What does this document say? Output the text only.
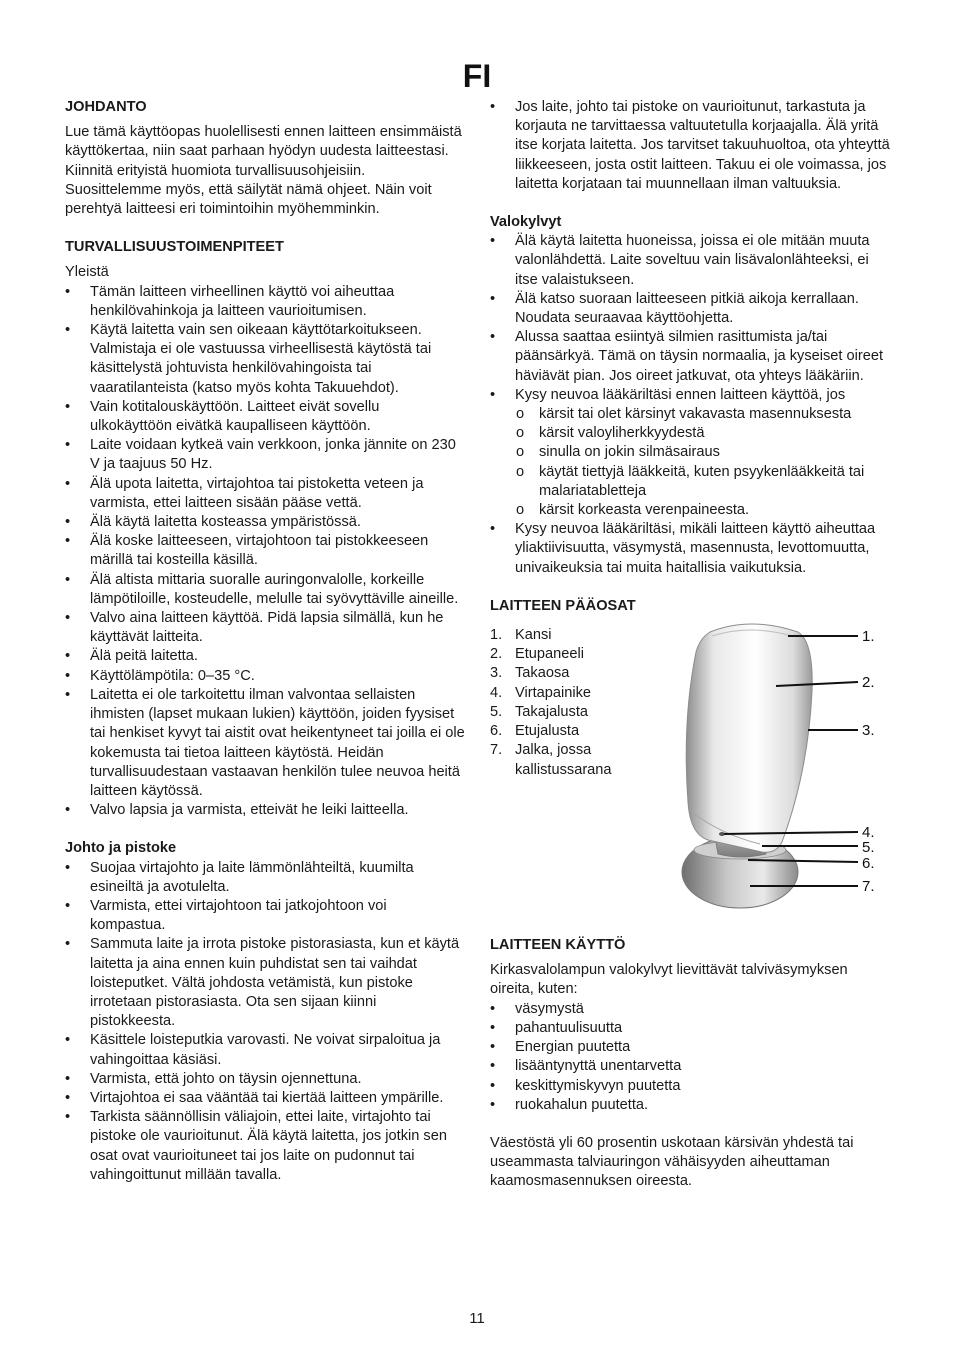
FI
JOHDANTO

Lue tämä käyttöopas huolellisesti ennen laitteen ensimmäistä käyttökertaa, niin saat parhaan hyödyn uudesta laitteestasi. Kiinnitä erityistä huomiota turvallisuusohjeisiin. Suosittelemme myös, että säilytät nämä ohjeet. Näin voit perehtyä laitteesi eri toimintoihin myöhemminkin.

TURVALLISUUSTOIMENPITEET

Yleistä

• Tämän laitteen virheellinen käyttö voi aiheuttaa henkilövahinkoja ja laitteen vaurioitumisen.
• Käytä laitetta vain sen oikeaan käyttötarkoitukseen. Valmistaja ei ole vastuussa virheellisestä käytöstä tai käsittelystä johtuvista henkilövahingoista tai vaaratilanteista (katso myös kohta Takuuehdot).
• Vain kotitalouskäyttöön. Laitteet eivät sovellu ulkokäyttöön eivätkä kaupalliseen käyttöön.
• Laite voidaan kytkeä vain verkkoon, jonka jännite on 230 V ja taajuus 50 Hz.
• Älä upota laitetta, virtajohtoa tai pistoketta veteen ja varmista, ettei laitteen sisään pääse vettä.
• Älä käytä laitetta kosteassa ympäristössä.
• Älä koske laitteeseen, virtajohtoon tai pistokkeeseen märillä tai kosteilla käsillä.
• Älä altista mittaria suoralle auringonvalolle, korkeille lämpötiloille, kosteudelle, melulle tai syövyttäville aineille.
• Valvo aina laitteen käyttöä. Pidä lapsia silmällä, kun he käyttävät laitteita.
• Älä peitä laitetta.
• Käyttölämpötila: 0–35 °C.
• Laitetta ei ole tarkoitettu ilman valvontaa sellaisten ihmisten (lapset mukaan lukien) käyttöön, joiden fyysiset tai henkiset kyvyt tai aistit ovat heikentyneet tai joilla ei ole kokemusta tai tietoa laitteen käytöstä. Heidän turvallisuudestaan vastaavan henkilön tulee neuvoa heitä laitteen käytössä.
• Valvo lapsia ja varmista, etteivät he leiki laitteella.
Johto ja pistoke
• Suojaa virtajohto ja laite lämmönlähteiltä, kuumilta esineiltä ja avotulelta.
• Varmista, ettei virtajohtoon tai jatkojohtoon voi kompastua.
• Sammuta laite ja irrota pistoke pistorasiasta, kun et käytä laitetta ja aina ennen kuin puhdistat sen tai vaihdat loisteputket. Vältä johdosta vetämistä, kun pistoke irrotetaan pistorasiasta. Ota sen sijaan kiinni pistokkeesta.
• Käsittele loisteputkia varovasti. Ne voivat sirpaloitua ja vahingoittaa käsiäsi.
• Varmista, että johto on täysin ojennettuna.
• Virtajohtoa ei saa vääntää tai kiertää laitteen ympärille.
• Tarkista säännöllisin väliajoin, ettei laite, virtajohto tai pistoke ole vaurioitunut. Älä käytä laitetta, jos jotkin sen osat ovat vaurioituneet tai jos laite on pudonnut tai vahingoittunut millään tavalla.
• Jos laite, johto tai pistoke on vaurioitunut, tarkastuta ja korjauta ne tarvittaessa valtuutetulla korjaajalla. Älä yritä itse korjata laitetta. Jos tarvitset takuuhuoltoa, ota yhteyttä liikkeeseen, josta ostit laitteen. Takuu ei ole voimassa, jos laitetta korjataan tai muunnellaan ilman valtuuksia.
Valokylvyt
• Älä käytä laitetta huoneissa, joissa ei ole mitään muuta valonlähdettä. Laite soveltuu vain lisävalonlähteeksi, ei itse valaistukseen.
• Älä katso suoraan laitteeseen pitkiä aikoja kerrallaan. Noudata seuraavaa käyttöohjetta.
• Alussa saattaa esiintyä silmien rasittumista ja/tai päänsärkyä. Tämä on täysin normaalia, ja kyseiset oireet häviävät pian. Jos oireet jatkuvat, ota yhteys lääkäriin.
• Kysy neuvoa lääkäriltäsi ennen laitteen käyttöä, jos
o kärsit tai olet kärsinyt vakavasta masennuksesta
o kärsit valoyliherkkyydestä
o sinulla on jokin silmäsairaus
o käytät tiettyjä lääkkeitä, kuten psyykenlääkkeitä tai malariatabletteja
o kärsit korkeasta verenpaineesta.
• Kysy neuvoa lääkäriltäsi, mikäli laitteen käyttö aiheuttaa yliaktiivisuutta, väsymystä, masennusta, levottomuutta, univaikeuksia tai muita haitallisia vaikutuksia.
LAITTEEN PÄÄOSAT
1. Kansi
2. Etupaneeli
3. Takaosa
4. Virtapainike
5. Takajalusta
6. Etujalusta
7. Jalka, jossa kallistussarana
1.
2.
3.
4.
5.
6.
7.
LAITTEEN KÄYTTÖ

Kirkasvalolampun valokylvyt lievittävät talviväsymyksen oireita, kuten:

• väsymystä
• pahantuulisuutta
• Energian puutetta
• lisääntynyttä unentarvetta
• keskittymiskyvyn puutetta
• ruokahalun puutetta.

Väestöstä yli 60 prosentin uskotaan kärsivän yhdestä tai useammasta talviauringon vähäisyyden aiheuttaman kaamosmasennuksen oireesta.

11
